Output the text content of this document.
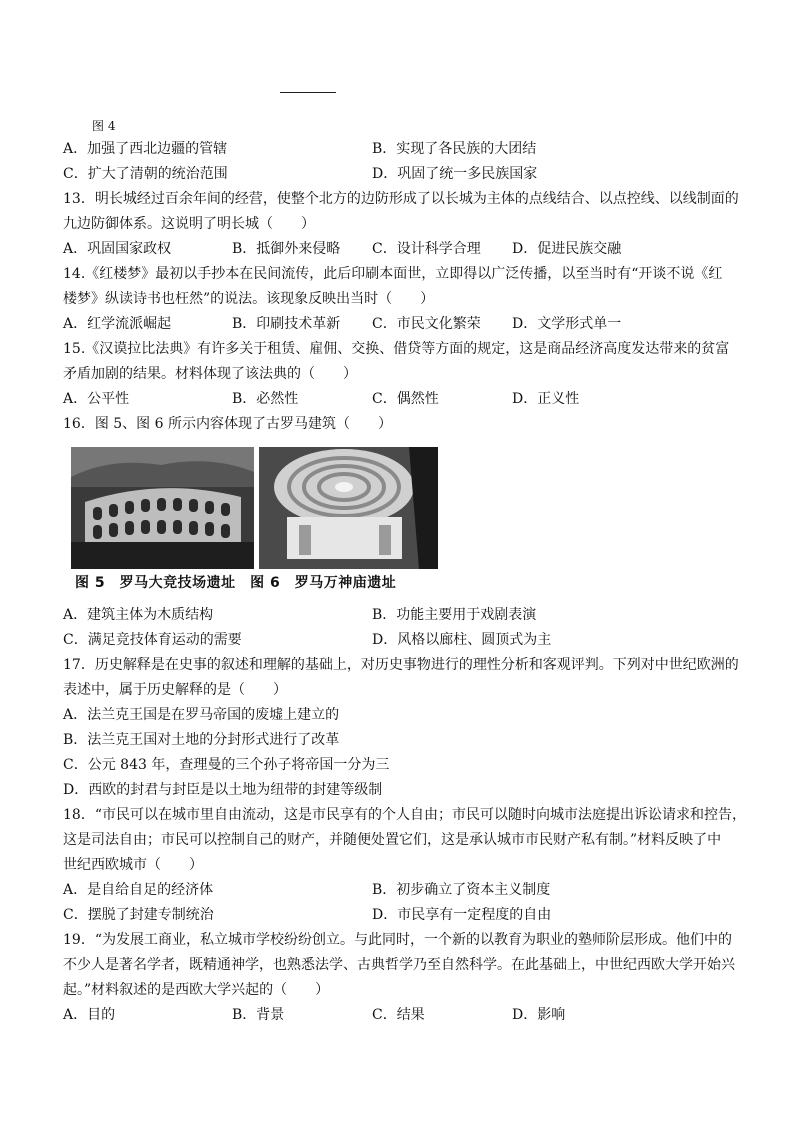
图 4
A．加强了西北边疆的管辖	B．实现了各民族的大团结
C．扩大了清朝的统治范围	D．巩固了统一多民族国家
13．明长城经过百余年间的经营，使整个北方的边防形成了以长城为主体的点线结合、以点控线、以线制面的
九边防御体系。这说明了明长城（　　）
A．巩固国家政权	B．抵御外来侵略 C．设计科学合理 D．促进民族交融
14.《红楼梦》最初以手抄本在民间流传，此后印刷本面世，立即得以广泛传播，以至当时有“开谈不说《红
楼梦》纵读诗书也枉然”的说法。该现象反映出当时（　　）
A．红学流派崛起	B．印刷技术革新 C．市民文化繁荣 D．文学形式单一
15.《汉谟拉比法典》有许多关于租赁、雇佣、交换、借贷等方面的规定，这是商品经济高度发达带来的贫富
矛盾加剧的结果。材料体现了该法典的（　　）
A．公平性	B．必然性	C．偶然性	D．正义性
16．图 5、图 6 所示内容体现了古罗马建筑（　　）
图 5　罗马大竞技场遗址　图 6　罗马万神庙遗址
A．建筑主体为木质结构	B．功能主要用于戏剧表演
C．满足竞技体育运动的需要	D．风格以廊柱、圆顶式为主
17．历史解释是在史事的叙述和理解的基础上，对历史事物进行的理性分析和客观评判。下列对中世纪欧洲的
表述中，属于历史解释的是（　　）
A．法兰克王国是在罗马帝国的废墟上建立的
B．法兰克王国对土地的分封形式进行了改革
C．公元 843 年，查理曼的三个孙子将帝国一分为三
D．西欧的封君与封臣是以土地为纽带的封建等级制
18．“市民可以在城市里自由流动，这是市民享有的个人自由；市民可以随时向城市法庭提出诉讼请求和控告，
这是司法自由；市民可以控制自己的财产，并随便处置它们，这是承认城市市民财产私有制。”材料反映了中
世纪西欧城市（　　）
A．是自给自足的经济体	B．初步确立了资本主义制度
C．摆脱了封建专制统治	D．市民享有一定程度的自由
19．“为发展工商业，私立城市学校纷纷创立。与此同时，一个新的以教育为职业的塾师阶层形成。他们中的
不少人是著名学者，既精通神学，也熟悉法学、古典哲学乃至自然科学。在此基础上，中世纪西欧大学开始兴
起。”材料叙述的是西欧大学兴起的（　　）
A．目的	B．背景	C．结果	D．影响
